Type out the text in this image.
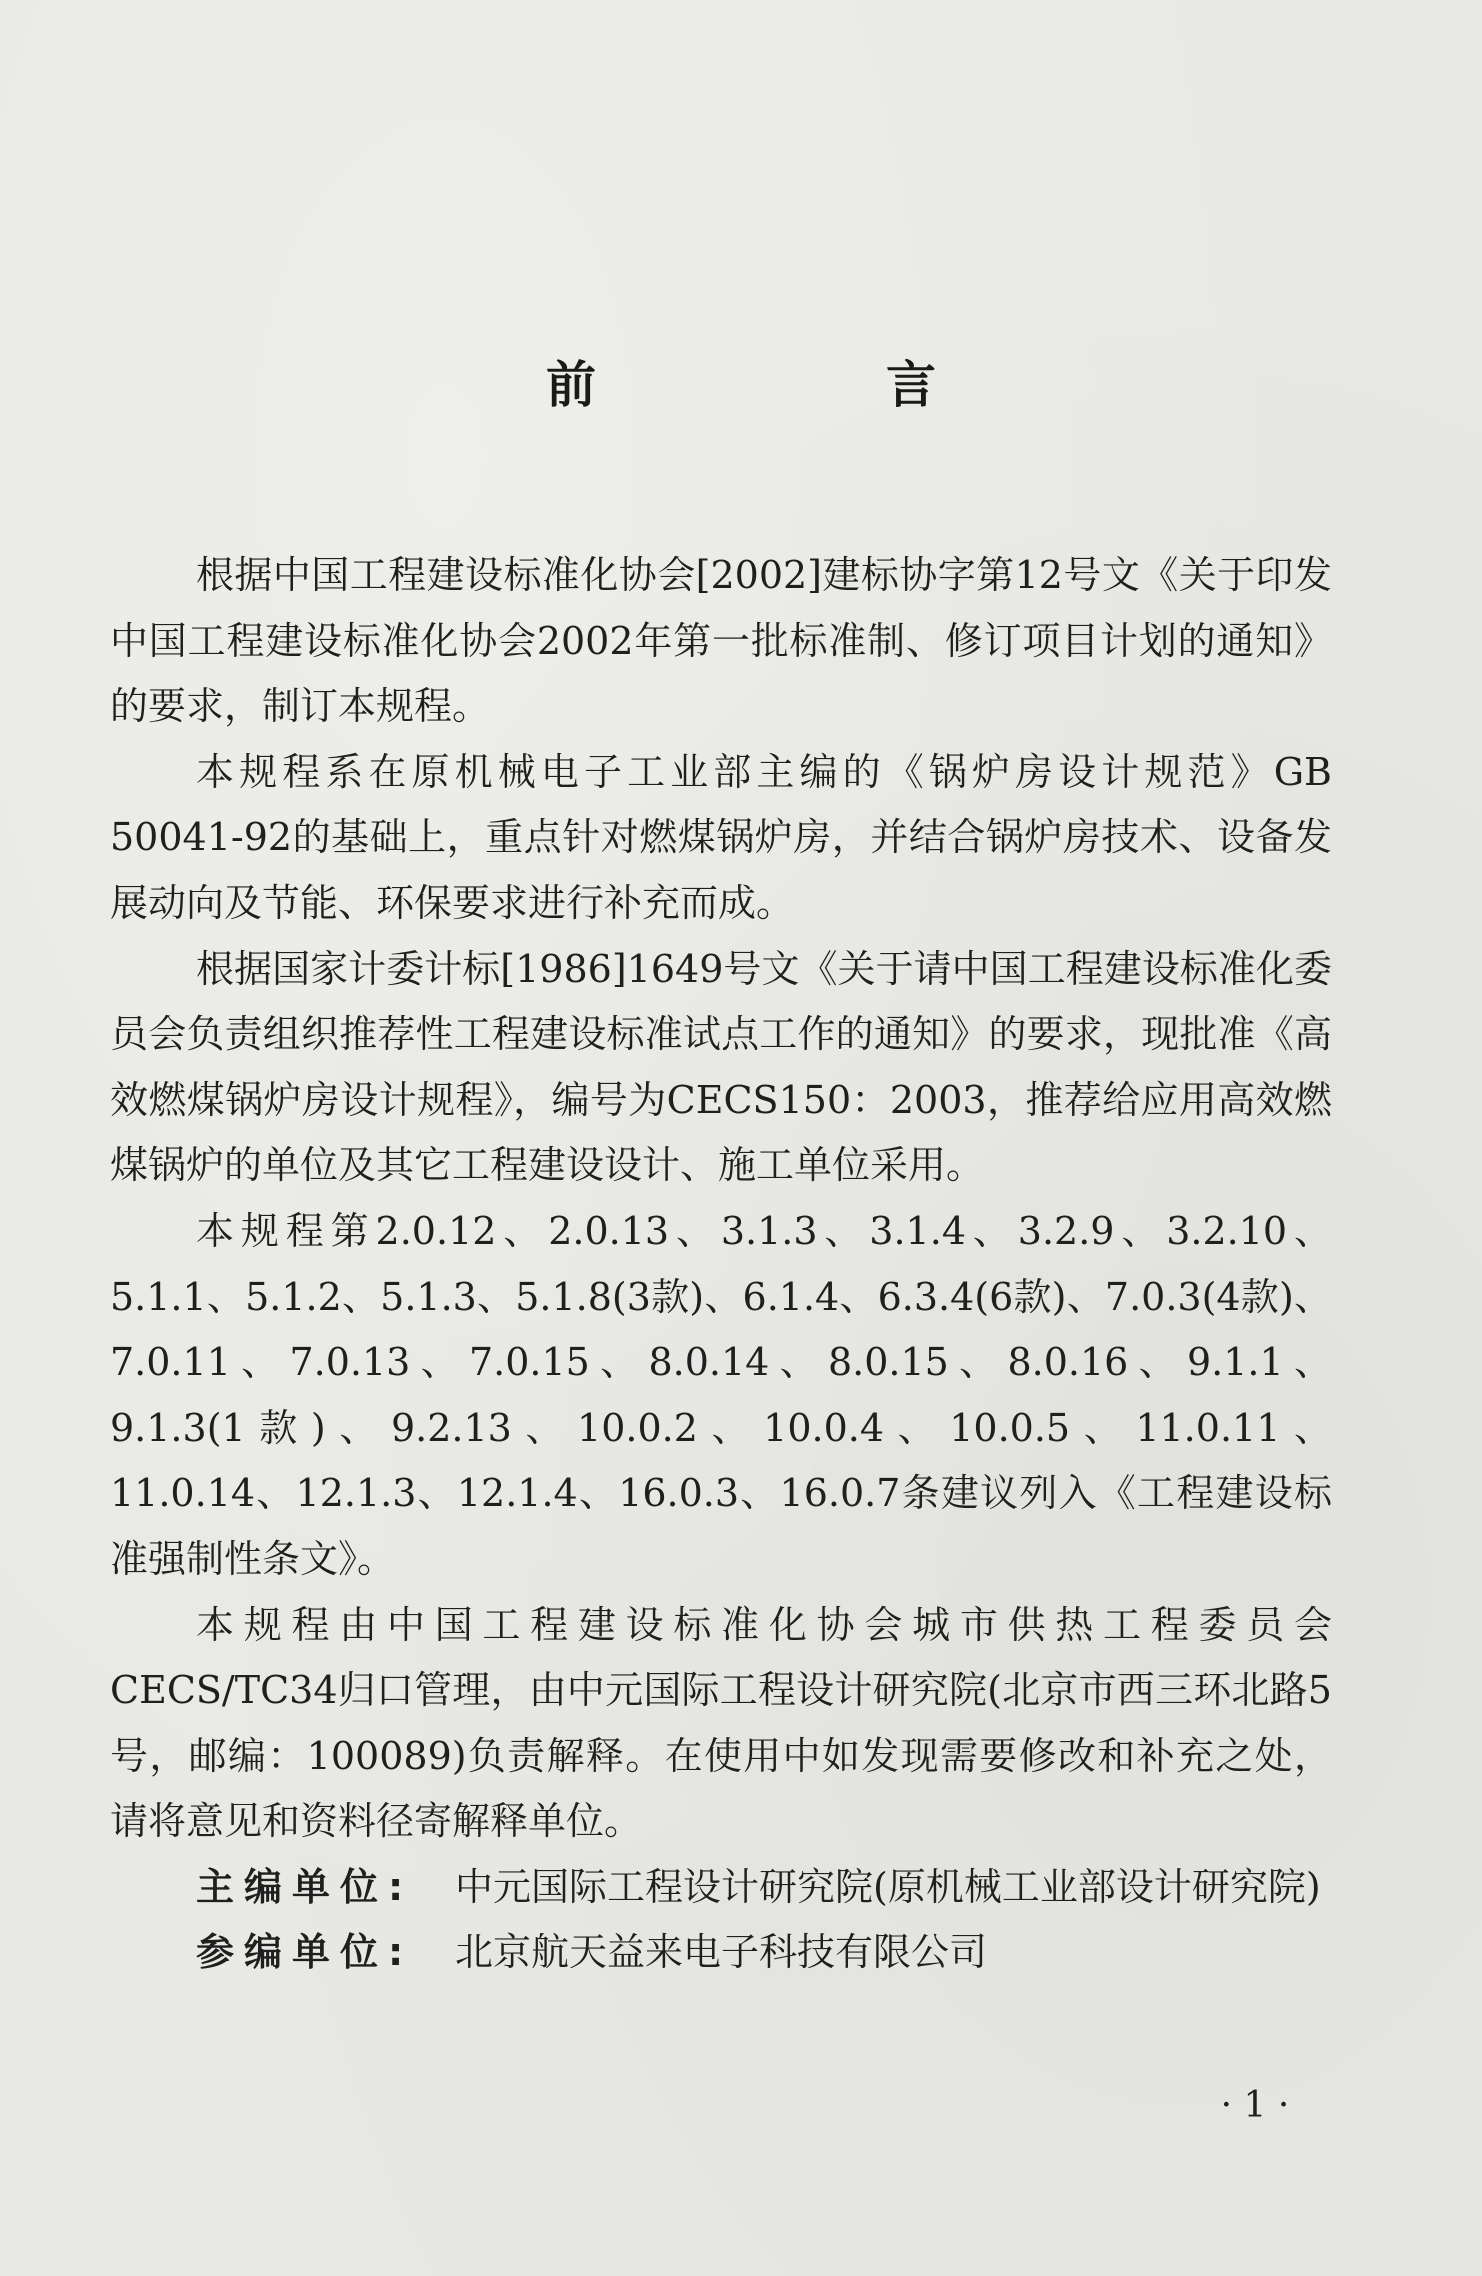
前　言

根据中国工程建设标准化协会[2002]建标协字第12号文《关于印发中国工程建设标准化协会2002年第一批标准制、修订项目计划的通知》的要求，制订本规程。

本规程系在原机械电子工业部主编的《锅炉房设计规范》GB 50041-92的基础上，重点针对燃煤锅炉房，并结合锅炉房技术、设备发展动向及节能、环保要求进行补充而成。

根据国家计委计标[1986]1649号文《关于请中国工程建设标准化委员会负责组织推荐性工程建设标准试点工作的通知》的要求，现批准《高效燃煤锅炉房设计规程》，编号为CECS150：2003，推荐给应用高效燃煤锅炉的单位及其它工程建设设计、施工单位采用。

本规程第2.0.12、2.0.13、3.1.3、3.1.4、3.2.9、3.2.10、5.1.1、5.1.2、5.1.3、5.1.8(3款)、6.1.4、6.3.4(6款)、7.0.3(4款)、7.0.11、7.0.13、7.0.15、8.0.14、8.0.15、8.0.16、9.1.1、9.1.3(1款)、9.2.13、10.0.2、10.0.4、10.0.5、11.0.11、11.0.14、12.1.3、12.1.4、16.0.3、16.0.7条建议列入《工程建设标准强制性条文》。

本规程由中国工程建设标准化协会城市供热工程委员会CECS/TC34归口管理，由中元国际工程设计研究院(北京市西三环北路5号，邮编：100089)负责解释。在使用中如发现需要修改和补充之处，请将意见和资料径寄解释单位。

主编单位:	中元国际工程设计研究院(原机械工业部设计研究院)
参编单位:	北京航天益来电子科技有限公司
· 1 ·
